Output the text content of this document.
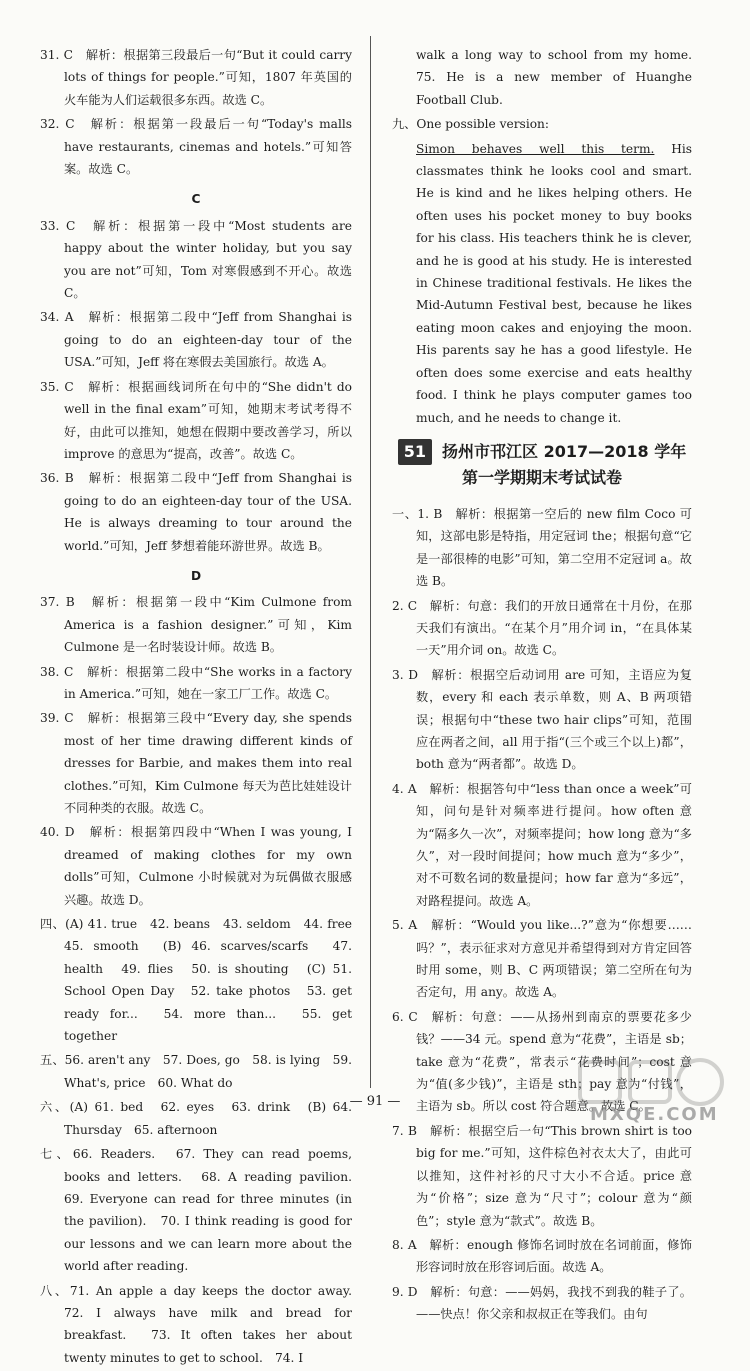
31. C　解析：根据第三段最后一句“But it could carry lots of things for people.”可知，1807 年英国的火车能为人们运载很多东西。故选 C。

32. C　解析：根据第一段最后一句“Today's malls have restaurants, cinemas and hotels.”可知答案。故选 C。

C

33. C　解析：根据第一段中“Most students are happy about the winter holiday, but you say you are not”可知，Tom 对寒假感到不开心。故选 C。

34. A　解析：根据第二段中“Jeff from Shanghai is going to do an eighteen-day tour of the USA.”可知，Jeff 将在寒假去美国旅行。故选 A。

35. C　解析：根据画线词所在句中的“She didn't do well in the final exam”可知，她期末考试考得不好，由此可以推知，她想在假期中要改善学习，所以 improve 的意思为“提高，改善”。故选 C。

36. B　解析：根据第二段中“Jeff from Shanghai is going to do an eighteen-day tour of the USA. He is always dreaming to tour around the world.”可知，Jeff 梦想着能环游世界。故选 B。

D

37. B　解析：根据第一段中“Kim Culmone from America is a fashion designer.”可知，Kim Culmone 是一名时装设计师。故选 B。

38. C　解析：根据第二段中“She works in a factory in America.”可知，她在一家工厂工作。故选 C。

39. C　解析：根据第三段中“Every day, she spends most of her time drawing different kinds of dresses for Barbie, and makes them into real clothes.”可知，Kim Culmone 每天为芭比娃娃设计不同种类的衣服。故选 C。

40. D　解析：根据第四段中“When I was young, I dreamed of making clothes for my own dolls”可知，Culmone 小时候就对为玩偶做衣服感兴趣。故选 D。

四、(A) 41. true　42. beans　43. seldom　44. free　45. smooth　(B) 46. scarves/scarfs　47. health　49. flies　50. is shouting　(C) 51. School Open Day　52. take photos　53. get ready for...　54. more than...　55. get together

五、56. aren't any　57. Does, go　58. is lying　59. What's, price　60. What do

六、(A) 61. bed　62. eyes　63. drink　(B) 64. Thursday　65. afternoon

七、66. Readers.　67. They can read poems, books and letters.　68. A reading pavilion.　69. Everyone can read for three minutes (in the pavilion).　70. I think reading is good for our lessons and we can learn more about the world after reading.

八、71. An apple a day keeps the doctor away.　72. I always have milk and bread for breakfast.　73. It often takes her about twenty minutes to get to school.　74. I

walk a long way to school from my home.　75. He is a new member of Huanghe Football Club.

九、One possible version:

Simon behaves well this term. His classmates think he looks cool and smart. He is kind and he likes helping others. He often uses his pocket money to buy books for his class. His teachers think he is clever, and he is good at his study. He is interested in Chinese traditional festivals. He likes the Mid-Autumn Festival best, because he likes eating moon cakes and enjoying the moon. His parents say he has a good lifestyle. He often does some exercise and eats healthy food. I think he plays computer games too much, and he needs to change it.

51 扬州市邗江区 2017—2018 学年
第一学期期末考试试卷

一、1. B　解析：根据第一空后的 new film Coco 可知，这部电影是特指，用定冠词 the；根据句意“它是一部很棒的电影”可知，第二空用不定冠词 a。故选 B。

2. C　解析：句意：我们的开放日通常在十月份，在那天我们有演出。“在某个月”用介词 in，“在具体某一天”用介词 on。故选 C。

3. D　解析：根据空后动词用 are 可知，主语应为复数，every 和 each 表示单数，则 A、B 两项错误；根据句中“these two hair clips”可知，范围应在两者之间，all 用于指“(三个或三个以上)都”，both 意为“两者都”。故选 D。

4. A　解析：根据答句中“less than once a week”可知，问句是针对频率进行提问。how often 意为“隔多久一次”，对频率提问；how long 意为“多久”，对一段时间提问；how much 意为“多少”，对不可数名词的数量提问；how far 意为“多远”，对路程提问。故选 A。

5. A　解析：“Would you like...?”意为“你想要……吗？”，表示征求对方意见并希望得到对方肯定回答时用 some，则 B、C 两项错误；第二空所在句为否定句，用 any。故选 A。

6. C　解析：句意：——从扬州到南京的票要花多少钱？——34 元。spend 意为“花费”，主语是 sb；take 意为“花费”，常表示“花费时间”；cost 意为“值(多少钱)”，主语是 sth；pay 意为“付钱”，主语为 sb。所以 cost 符合题意。故选 C。

7. B　解析：根据空后一句“This brown shirt is too big for me.”可知，这件棕色衬衣太大了，由此可以推知，这件衬衫的尺寸大小不合适。price 意为“价格”；size 意为“尺寸”；colour 意为“颜色”；style 意为“款式”。故选 B。

8. A　解析：enough 修饰名词时放在名词前面，修饰形容词时放在形容词后面。故选 A。

9. D　解析：句意：——妈妈，我找不到我的鞋子了。——快点！你父亲和叔叔正在等我们。由句

— 91 —
MXQE.COM
